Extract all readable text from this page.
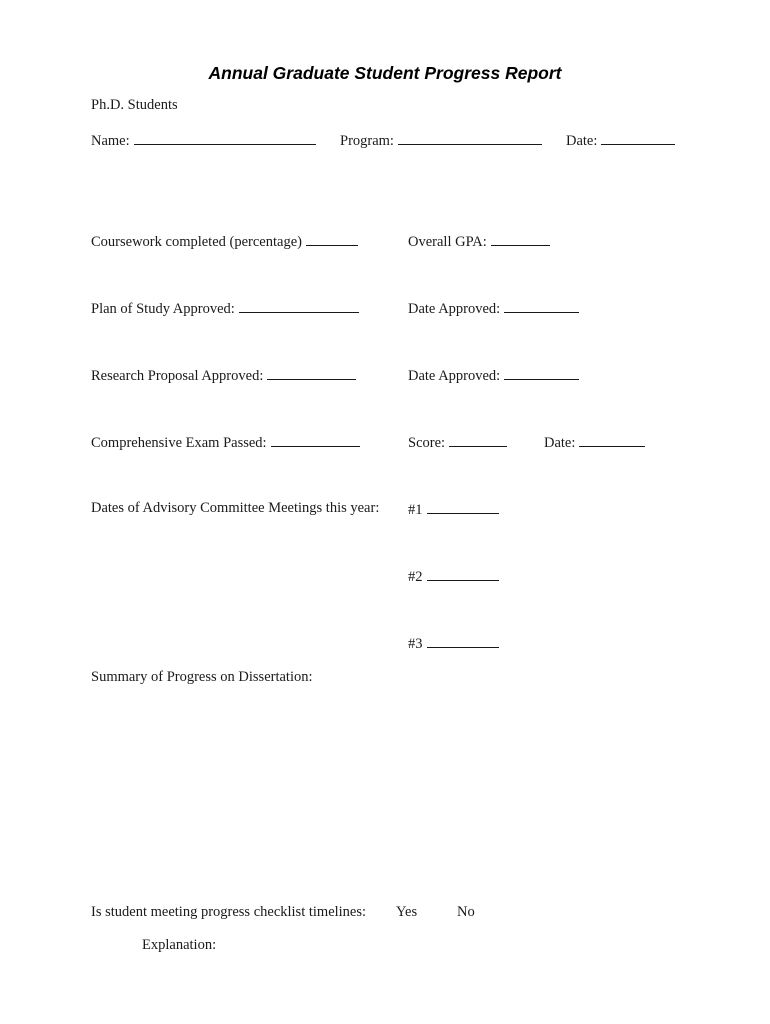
Annual Graduate Student Progress Report
Ph.D. Students
Name:	Program:	Date:
Coursework completed (percentage)	Overall GPA:
Plan of Study Approved:	Date Approved:
Research Proposal Approved:	Date Approved:
Comprehensive Exam Passed:	Score:	Date:
Dates of Advisory Committee Meetings this year: #1
#2
#3
Summary of Progress on Dissertation:
Is student meeting progress checklist timelines: Yes	No
Explanation:
